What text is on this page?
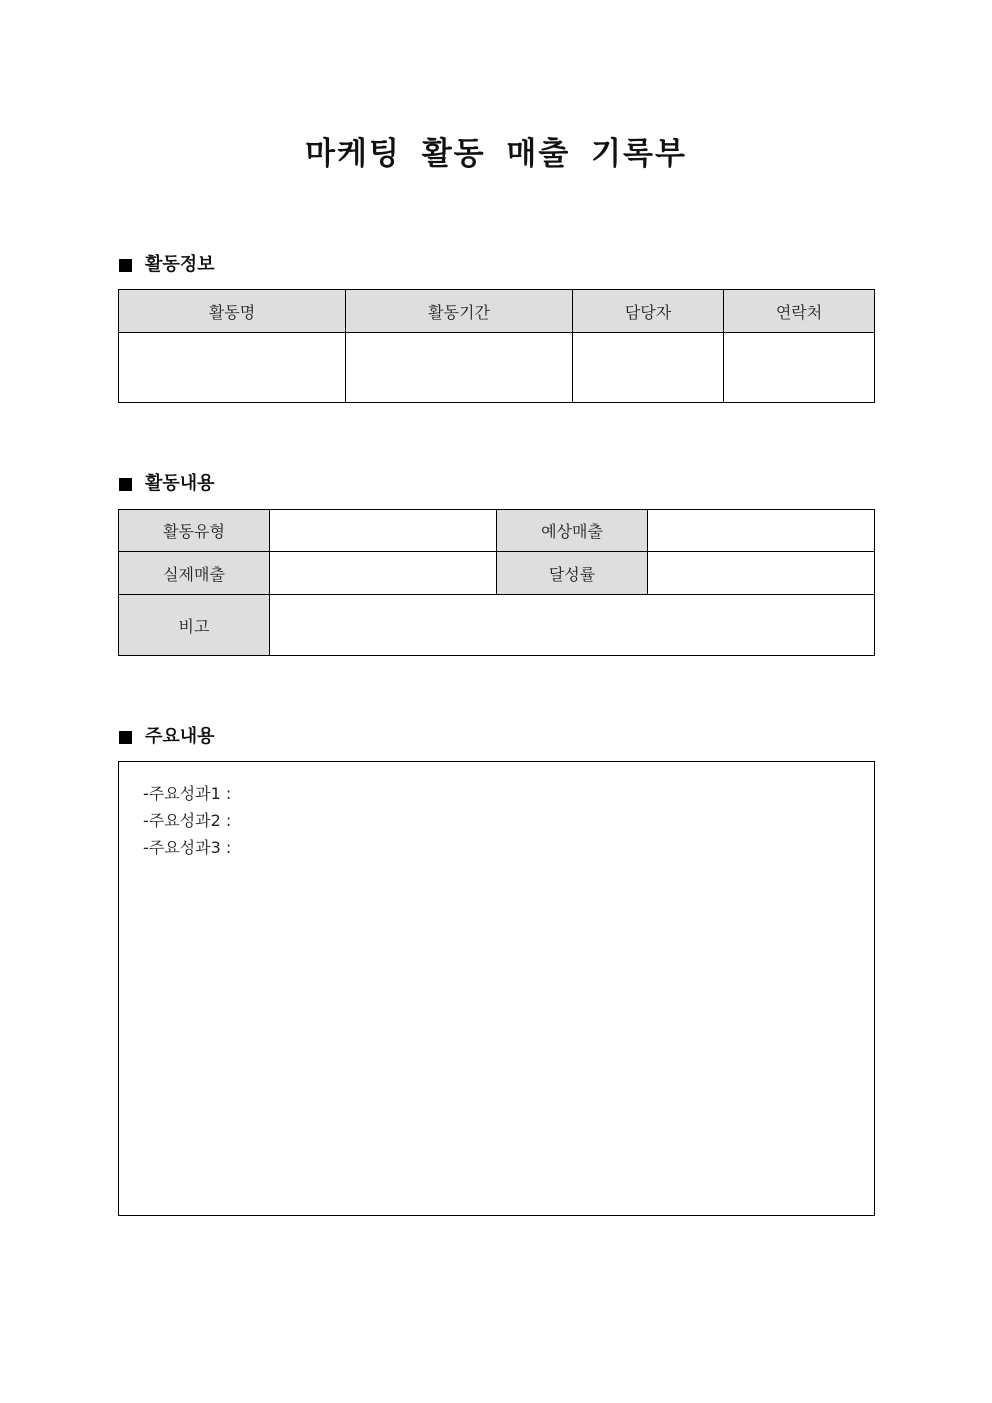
마케팅 활동 매출 기록부
활동정보
활동명	활동기간	담당자	연락처

활동내용
활동유형		예상매출	
실제매출		달성률	
비고			
주요내용
-주요성과1 :
-주요성과2 :
-주요성과3 :
